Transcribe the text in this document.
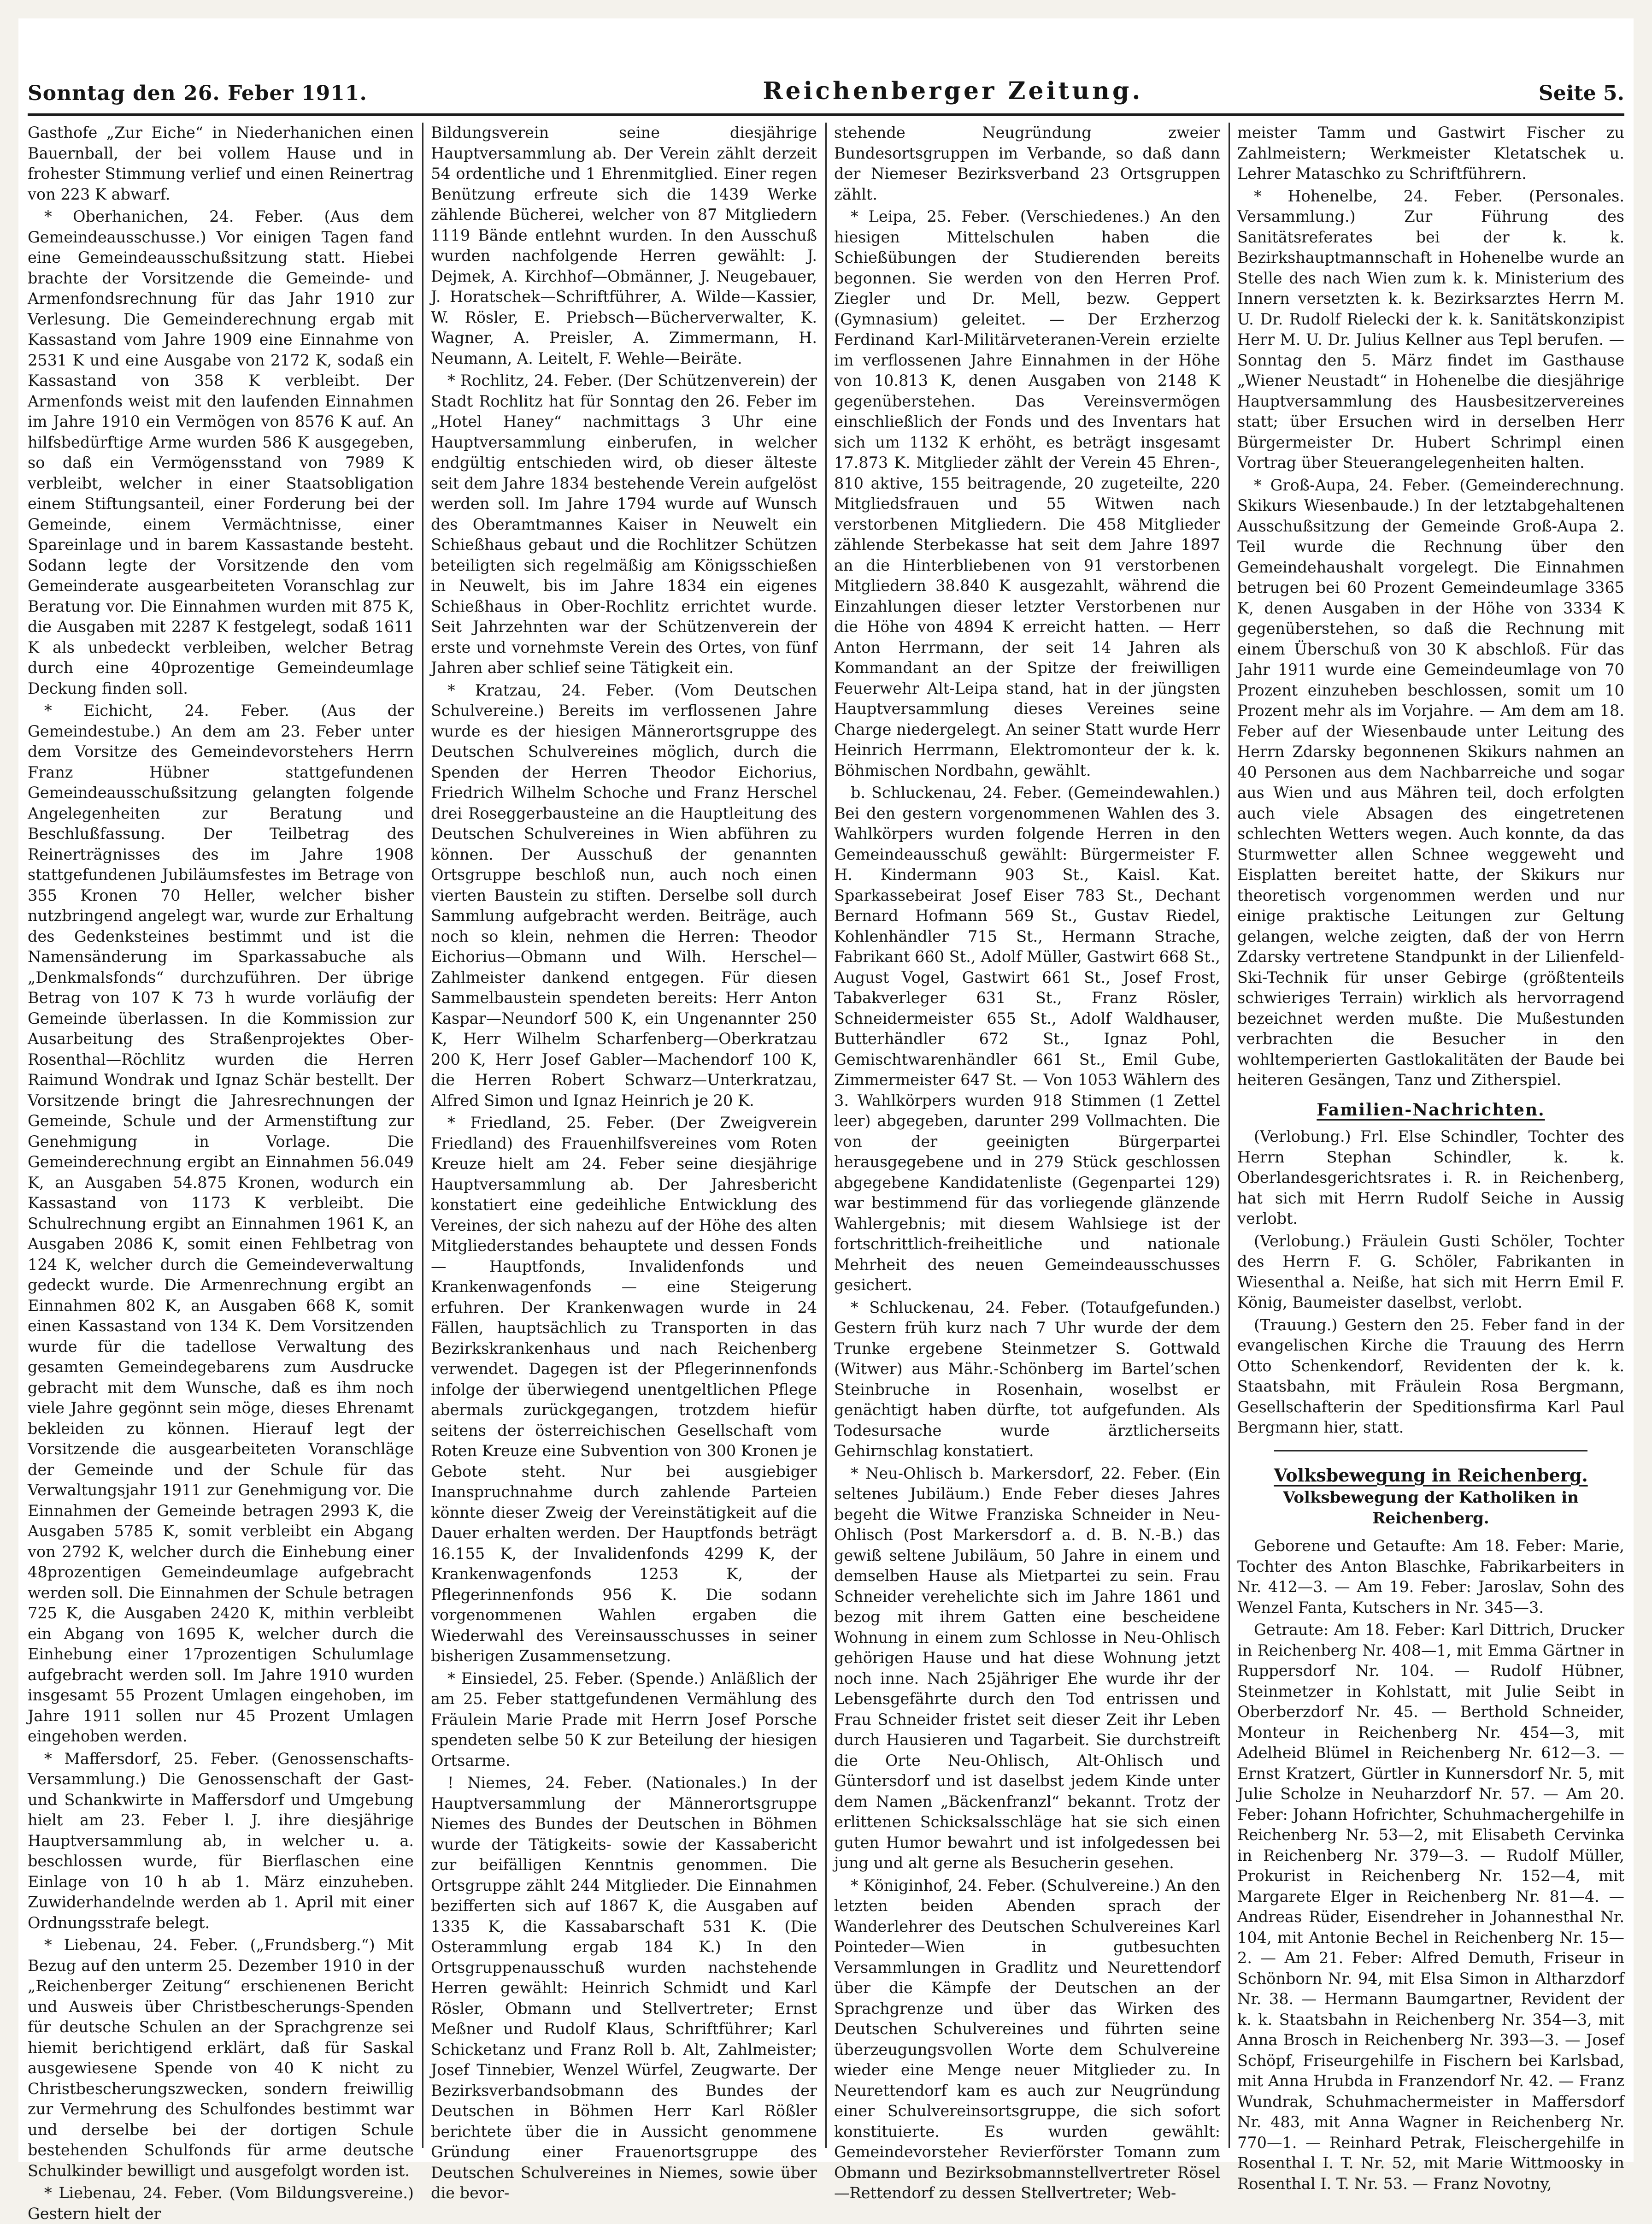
Sonntag den 26. Feber 1911.	Reichenberger Zeitung.	Seite 5.

Gasthofe „Zur Eiche“ in Niederhanichen einen Bauernball, der bei vollem Hause und in frohester Stimmung verlief und einen Reinertrag von 223 K abwarf.

* Oberhanichen, 24. Feber. (Aus dem Gemeindeausschusse.) Vor einigen Tagen fand eine Gemeindeausschußsitzung statt. Hiebei brachte der Vorsitzende die Gemeinde- und Armenfondsrechnung für das Jahr 1910 zur Verlesung. Die Gemeinderechnung ergab mit Kassastand vom Jahre 1909 eine Einnahme von 2531 K und eine Ausgabe von 2172 K, sodaß ein Kassastand von 358 K verbleibt. Der Armenfonds weist mit den laufenden Einnahmen im Jahre 1910 ein Vermögen von 8576 K auf. An hilfsbedürftige Arme wurden 586 K ausgegeben, so daß ein Vermögensstand von 7989 K verbleibt, welcher in einer Staatsobligation einem Stiftungsanteil, einer Forderung bei der Gemeinde, einem Vermächtnisse, einer Spareinlage und in barem Kassastande besteht. Sodann legte der Vorsitzende den vom Gemeinderate ausgearbeiteten Voranschlag zur Beratung vor. Die Einnahmen wurden mit 875 K, die Ausgaben mit 2287 K festgelegt, sodaß 1611 K als unbedeckt verbleiben, welcher Betrag durch eine 40prozentige Gemeindeumlage Deckung finden soll.

* Eichicht, 24. Feber. (Aus der Gemeindestube.) An dem am 23. Feber unter dem Vorsitze des Gemeindevorstehers Herrn Franz Hübner stattgefundenen Gemeindeausschußsitzung gelangten folgende Angelegenheiten zur Beratung und Beschlußfassung. Der Teilbetrag des Reinerträgnisses des im Jahre 1908 stattgefundenen Jubiläumsfestes im Betrage von 355 Kronen 70 Heller, welcher bisher nutzbringend angelegt war, wurde zur Erhaltung des Gedenksteines bestimmt und ist die Namensänderung im Sparkassabuche als „Denkmalsfonds“ durchzuführen. Der übrige Betrag von 107 K 73 h wurde vorläufig der Gemeinde überlassen. In die Kommission zur Ausarbeitung des Straßenprojektes Ober-Rosenthal—Röchlitz wurden die Herren Raimund Wondrak und Ignaz Schär bestellt. Der Vorsitzende bringt die Jahresrechnungen der Gemeinde, Schule und der Armenstiftung zur Genehmigung in Vorlage. Die Gemeinderechnung ergibt an Einnahmen 56.049 K, an Ausgaben 54.875 Kronen, wodurch ein Kassastand von 1173 K verbleibt. Die Schulrechnung ergibt an Einnahmen 1961 K, an Ausgaben 2086 K, somit einen Fehlbetrag von 124 K, welcher durch die Gemeindeverwaltung gedeckt wurde. Die Armenrechnung ergibt an Einnahmen 802 K, an Ausgaben 668 K, somit einen Kassastand von 134 K. Dem Vorsitzenden wurde für die tadellose Verwaltung des gesamten Gemeindegebarens zum Ausdrucke gebracht mit dem Wunsche, daß es ihm noch viele Jahre gegönnt sein möge, dieses Ehrenamt bekleiden zu können. Hierauf legt der Vorsitzende die ausgearbeiteten Voranschläge der Gemeinde und der Schule für das Verwaltungsjahr 1911 zur Genehmigung vor. Die Einnahmen der Gemeinde betragen 2993 K, die Ausgaben 5785 K, somit verbleibt ein Abgang von 2792 K, welcher durch die Einhebung einer 48prozentigen Gemeindeumlage aufgebracht werden soll. Die Einnahmen der Schule betragen 725 K, die Ausgaben 2420 K, mithin verbleibt ein Abgang von 1695 K, welcher durch die Einhebung einer 17prozentigen Schulumlage aufgebracht werden soll. Im Jahre 1910 wurden insgesamt 55 Prozent Umlagen eingehoben, im Jahre 1911 sollen nur 45 Prozent Umlagen eingehoben werden.

* Maffersdorf, 25. Feber. (Genossenschafts-Versammlung.) Die Genossenschaft der Gast- und Schankwirte in Maffersdorf und Umgebung hielt am 23. Feber l. J. ihre diesjährige Hauptversammlung ab, in welcher u. a. beschlossen wurde, für Bierflaschen eine Einlage von 10 h ab 1. März einzuheben. Zuwiderhandelnde werden ab 1. April mit einer Ordnungsstrafe belegt.

* Liebenau, 24. Feber. („Frundsberg.“) Mit Bezug auf den unterm 25. Dezember 1910 in der „Reichenberger Zeitung“ erschienenen Bericht und Ausweis über Christbescherungs-Spenden für deutsche Schulen an der Sprachgrenze sei hiemit berichtigend erklärt, daß für Saskal ausgewiesene Spende von 40 K nicht zu Christbescherungszwecken, sondern freiwillig zur Vermehrung des Schulfondes bestimmt war und derselbe bei der dortigen Schule bestehenden Schulfonds für arme deutsche Schulkinder bewilligt und ausgefolgt worden ist.

* Liebenau, 24. Feber. (Vom Bildungsvereine.) Gestern hielt der

Bildungsverein seine diesjährige Hauptversammlung ab. Der Verein zählt derzeit 54 ordentliche und 1 Ehrenmitglied. Einer regen Benützung erfreute sich die 1439 Werke zählende Bücherei, welcher von 87 Mitgliedern 1119 Bände entlehnt wurden. In den Ausschuß wurden nachfolgende Herren gewählt: J. Dejmek, A. Kirchhof—Obmänner, J. Neugebauer, J. Horatschek—Schriftführer, A. Wilde—Kassier, W. Rösler, E. Priebsch—Bücherverwalter, K. Wagner, A. Preisler, A. Zimmermann, H. Neumann, A. Leitelt, F. Wehle—Beiräte.

* Rochlitz, 24. Feber. (Der Schützenverein) der Stadt Rochlitz hat für Sonntag den 26. Feber im „Hotel Haney“ nachmittags 3 Uhr eine Hauptversammlung einberufen, in welcher endgültig entschieden wird, ob dieser älteste seit dem Jahre 1834 bestehende Verein aufgelöst werden soll. Im Jahre 1794 wurde auf Wunsch des Oberamtmannes Kaiser in Neuwelt ein Schießhaus gebaut und die Rochlitzer Schützen beteiligten sich regelmäßig am Königsschießen in Neuwelt, bis im Jahre 1834 ein eigenes Schießhaus in Ober-Rochlitz errichtet wurde. Seit Jahrzehnten war der Schützenverein der erste und vornehmste Verein des Ortes, von fünf Jahren aber schlief seine Tätigkeit ein.

* Kratzau, 24. Feber. (Vom Deutschen Schulvereine.) Bereits im verflossenen Jahre wurde es der hiesigen Männerortsgruppe des Deutschen Schulvereines möglich, durch die Spenden der Herren Theodor Eichorius, Friedrich Wilhelm Schoche und Franz Herschel drei Roseggerbausteine an die Hauptleitung des Deutschen Schulvereines in Wien abführen zu können. Der Ausschuß der genannten Ortsgruppe beschloß nun, auch noch einen vierten Baustein zu stiften. Derselbe soll durch Sammlung aufgebracht werden. Beiträge, auch noch so klein, nehmen die Herren: Theodor Eichorius—Obmann und Wilh. Herschel—Zahlmeister dankend entgegen. Für diesen Sammelbaustein spendeten bereits: Herr Anton Kaspar—Neundorf 500 K, ein Ungenannter 250 K, Herr Wilhelm Scharfenberg—Oberkratzau 200 K, Herr Josef Gabler—Machendorf 100 K, die Herren Robert Schwarz—Unterkratzau, Alfred Simon und Ignaz Heinrich je 20 K.

* Friedland, 25. Feber. (Der Zweigverein Friedland) des Frauenhilfsvereines vom Roten Kreuze hielt am 24. Feber seine diesjährige Hauptversammlung ab. Der Jahresbericht konstatiert eine gedeihliche Entwicklung des Vereines, der sich nahezu auf der Höhe des alten Mitgliederstandes behauptete und dessen Fonds — Hauptfonds, Invalidenfonds und Krankenwagenfonds — eine Steigerung erfuhren. Der Krankenwagen wurde in 24 Fällen, hauptsächlich zu Transporten in das Bezirkskrankenhaus und nach Reichenberg verwendet. Dagegen ist der Pflegerinnenfonds infolge der überwiegend unentgeltlichen Pflege abermals zurückgegangen, trotzdem hiefür seitens der österreichischen Gesellschaft vom Roten Kreuze eine Subvention von 300 Kronen je Gebote steht. Nur bei ausgiebiger Inanspruchnahme durch zahlende Parteien könnte dieser Zweig der Vereinstätigkeit auf die Dauer erhalten werden. Der Hauptfonds beträgt 16.155 K, der Invalidenfonds 4299 K, der Krankenwagenfonds 1253 K, der Pflegerinnenfonds 956 K. Die sodann vorgenommenen Wahlen ergaben die Wiederwahl des Vereinsausschusses in seiner bisherigen Zusammensetzung.

* Einsiedel, 25. Feber. (Spende.) Anläßlich der am 25. Feber stattgefundenen Vermählung des Fräulein Marie Prade mit Herrn Josef Porsche spendeten selbe 50 K zur Beteilung der hiesigen Ortsarme.

! Niemes, 24. Feber. (Nationales.) In der Hauptversammlung der Männerortsgruppe Niemes des Bundes der Deutschen in Böhmen wurde der Tätigkeits- sowie der Kassabericht zur beifälligen Kenntnis genommen. Die Ortsgruppe zählt 244 Mitglieder. Die Einnahmen bezifferten sich auf 1867 K, die Ausgaben auf 1335 K, die Kassabarschaft 531 K. (Die Osterammlung ergab 184 K.) In den Ortsgruppenausschuß wurden nachstehende Herren gewählt: Heinrich Schmidt und Karl Rösler, Obmann und Stellvertreter; Ernst Meßner und Rudolf Klaus, Schriftführer; Karl Schicketanz und Franz Roll b. Alt, Zahlmeister; Josef Tinnebier, Wenzel Würfel, Zeugwarte. Der Bezirksverbandsobmann des Bundes der Deutschen in Böhmen Herr Karl Rößler berichtete über die in Aussicht genommene Gründung einer Frauenortsgruppe des Deutschen Schulvereines in Niemes, sowie über die bevor-

stehende Neugründung zweier Bundesortsgruppen im Verbande, so daß dann der Niemeser Bezirksverband 23 Ortsgruppen zählt.

* Leipa, 25. Feber. (Verschiedenes.) An den hiesigen Mittelschulen haben die Schießübungen der Studierenden bereits begonnen. Sie werden von den Herren Prof. Ziegler und Dr. Mell, bezw. Geppert (Gymnasium) geleitet. — Der Erzherzog Ferdinand Karl-Militärveteranen-Verein erzielte im verflossenen Jahre Einnahmen in der Höhe von 10.813 K, denen Ausgaben von 2148 K gegenüberstehen. Das Vereinsvermögen einschließlich der Fonds und des Inventars hat sich um 1132 K erhöht, es beträgt insgesamt 17.873 K. Mitglieder zählt der Verein 45 Ehren-, 810 aktive, 155 beitragende, 20 zugeteilte, 220 Mitgliedsfrauen und 55 Witwen nach verstorbenen Mitgliedern. Die 458 Mitglieder zählende Sterbekasse hat seit dem Jahre 1897 an die Hinterbliebenen von 91 verstorbenen Mitgliedern 38.840 K ausgezahlt, während die Einzahlungen dieser letzter Verstorbenen nur die Höhe von 4894 K erreicht hatten. — Herr Anton Herrmann, der seit 14 Jahren als Kommandant an der Spitze der freiwilligen Feuerwehr Alt-Leipa stand, hat in der jüngsten Hauptversammlung dieses Vereines seine Charge niedergelegt. An seiner Statt wurde Herr Heinrich Herrmann, Elektromonteur der k. k. Böhmischen Nordbahn, gewählt.

b. Schluckenau, 24. Feber. (Gemeindewahlen.) Bei den gestern vorgenommenen Wahlen des 3. Wahlkörpers wurden folgende Herren in den Gemeindeausschuß gewählt: Bürgermeister F. H. Kindermann 903 St., Kaisl. Kat. Sparkassebeirat Josef Eiser 783 St., Dechant Bernard Hofmann 569 St., Gustav Riedel, Kohlenhändler 715 St., Hermann Strache, Fabrikant 660 St., Adolf Müller, Gastwirt 668 St., August Vogel, Gastwirt 661 St., Josef Frost, Tabakverleger 631 St., Franz Rösler, Schneidermeister 655 St., Adolf Waldhauser, Butterhändler 672 St., Ignaz Pohl, Gemischtwarenhändler 661 St., Emil Gube, Zimmermeister 647 St. — Von 1053 Wählern des 3. Wahlkörpers wurden 918 Stimmen (1 Zettel leer) abgegeben, darunter 299 Vollmachten. Die von der geeinigten Bürgerpartei herausgegebene und in 279 Stück geschlossen abgegebene Kandidatenliste (Gegenpartei 129) war bestimmend für das vorliegende glänzende Wahlergebnis; mit diesem Wahlsiege ist der fortschrittlich-freiheitliche und nationale Mehrheit des neuen Gemeindeausschusses gesichert.

* Schluckenau, 24. Feber. (Totaufgefunden.) Gestern früh kurz nach 7 Uhr wurde der dem Trunke ergebene Steinmetzer S. Gottwald (Witwer) aus Mähr.-Schönberg im Bartel’schen Steinbruche in Rosenhain, woselbst er genächtigt haben dürfte, tot aufgefunden. Als Todesursache wurde ärztlicherseits Gehirnschlag konstatiert.

* Neu-Ohlisch b. Markersdorf, 22. Feber. (Ein seltenes Jubiläum.) Ende Feber dieses Jahres begeht die Witwe Franziska Schneider in Neu-Ohlisch (Post Markersdorf a. d. B. N.-B.) das gewiß seltene Jubiläum, 50 Jahre in einem und demselben Hause als Mietpartei zu sein. Frau Schneider verehelichte sich im Jahre 1861 und bezog mit ihrem Gatten eine bescheidene Wohnung in einem zum Schlosse in Neu-Ohlisch gehörigen Hause und hat diese Wohnung jetzt noch inne. Nach 25jähriger Ehe wurde ihr der Lebensgefährte durch den Tod entrissen und Frau Schneider fristet seit dieser Zeit ihr Leben durch Hausieren und Tagarbeit. Sie durchstreift die Orte Neu-Ohlisch, Alt-Ohlisch und Güntersdorf und ist daselbst jedem Kinde unter dem Namen „Bäckenfranzl“ bekannt. Trotz der erlittenen Schicksalsschläge hat sie sich einen guten Humor bewahrt und ist infolgedessen bei jung und alt gerne als Besucherin gesehen.

* Königinhof, 24. Feber. (Schulvereine.) An den letzten beiden Abenden sprach der Wanderlehrer des Deutschen Schulvereines Karl Pointeder—Wien in gutbesuchten Versammlungen in Gradlitz und Neurettendorf über die Kämpfe der Deutschen an der Sprachgrenze und über das Wirken des Deutschen Schulvereines und führten seine überzeugungsvollen Worte dem Schulvereine wieder eine Menge neuer Mitglieder zu. In Neurettendorf kam es auch zur Neugründung einer Schulvereinsortsgruppe, die sich sofort konstituierte. Es wurden gewählt: Gemeindevorsteher Revierförster Tomann zum Obmann und Bezirksobmannstellvertreter Rösel —Rettendorf zu dessen Stellvertreter; Web-

meister Tamm und Gastwirt Fischer zu Zahlmeistern; Werkmeister Kletatschek u. Lehrer Mataschko zu Schriftführern.

* Hohenelbe, 24. Feber. (Personales. Versammlung.) Zur Führung des Sanitätsreferates bei der k. k. Bezirkshauptmannschaft in Hohenelbe wurde an Stelle des nach Wien zum k. k. Ministerium des Innern versetzten k. k. Bezirksarztes Herrn M. U. Dr. Rudolf Rielecki der k. k. Sanitätskonzipist Herr M. U. Dr. Julius Kellner aus Tepl berufen. — Sonntag den 5. März findet im Gasthause „Wiener Neustadt“ in Hohenelbe die diesjährige Hauptversammlung des Hausbesitzervereines statt; über Ersuchen wird in derselben Herr Bürgermeister Dr. Hubert Schrimpl einen Vortrag über Steuerangelegenheiten halten.

* Groß-Aupa, 24. Feber. (Gemeinderechnung. Skikurs Wiesenbaude.) In der letztabgehaltenen Ausschußsitzung der Gemeinde Groß-Aupa 2. Teil wurde die Rechnung über den Gemeindehaushalt vorgelegt. Die Einnahmen betrugen bei 60 Prozent Gemeindeumlage 3365 K, denen Ausgaben in der Höhe von 3334 K gegenüberstehen, so daß die Rechnung mit einem Überschuß von 30 K abschloß. Für das Jahr 1911 wurde eine Gemeindeumlage von 70 Prozent einzuheben beschlossen, somit um 10 Prozent mehr als im Vorjahre. — Am dem am 18. Feber auf der Wiesenbaude unter Leitung des Herrn Zdarsky begonnenen Skikurs nahmen an 40 Personen aus dem Nachbarreiche und sogar aus Wien und aus Mähren teil, doch erfolgten auch viele Absagen des eingetretenen schlechten Wetters wegen. Auch konnte, da das Sturmwetter allen Schnee weggeweht und Eisplatten bereitet hatte, der Skikurs nur theoretisch vorgenommen werden und nur einige praktische Leitungen zur Geltung gelangen, welche zeigten, daß der von Herrn Zdarsky vertretene Standpunkt in der Lilienfeld-Ski-Technik für unser Gebirge (größtenteils schwieriges Terrain) wirklich als hervorragend bezeichnet werden mußte. Die Mußestunden verbrachten die Besucher in den wohltemperierten Gastlokalitäten der Baude bei heiteren Gesängen, Tanz und Zitherspiel.

Familien-Nachrichten.

(Verlobung.) Frl. Else Schindler, Tochter des Herrn Stephan Schindler, k. k. Oberlandesgerichtsrates i. R. in Reichenberg, hat sich mit Herrn Rudolf Seiche in Aussig verlobt.

(Verlobung.) Fräulein Gusti Schöler, Tochter des Herrn F. G. Schöler, Fabrikanten in Wiesenthal a. Neiße, hat sich mit Herrn Emil F. König, Baumeister daselbst, verlobt.

(Trauung.) Gestern den 25. Feber fand in der evangelischen Kirche die Trauung des Herrn Otto Schenkendorf, Revidenten der k. k. Staatsbahn, mit Fräulein Rosa Bergmann, Gesellschafterin der Speditionsfirma Karl Paul Bergmann hier, statt.

Volksbewegung in Reichenberg.
Volksbewegung der Katholiken in Reichenberg.

Geborene und Getaufte: Am 18. Feber: Marie, Tochter des Anton Blaschke, Fabrikarbeiters in Nr. 412—3. — Am 19. Feber: Jaroslav, Sohn des Wenzel Fanta, Kutschers in Nr. 345—3.

Getraute: Am 18. Feber: Karl Dittrich, Drucker in Reichenberg Nr. 408—1, mit Emma Gärtner in Ruppersdorf Nr. 104. — Rudolf Hübner, Steinmetzer in Kohlstatt, mit Julie Seibt in Oberberzdorf Nr. 45. — Berthold Schneider, Monteur in Reichenberg Nr. 454—3, mit Adelheid Blümel in Reichenberg Nr. 612—3. — Ernst Kratzert, Gürtler in Kunnersdorf Nr. 5, mit Julie Scholze in Neuharzdorf Nr. 57. — Am 20. Feber: Johann Hofrichter, Schuhmachergehilfe in Reichenberg Nr. 53—2, mit Elisabeth Cervinka in Reichenberg Nr. 379—3. — Rudolf Müller, Prokurist in Reichenberg Nr. 152—4, mit Margarete Elger in Reichenberg Nr. 81—4. — Andreas Rüder, Eisendreher in Johannesthal Nr. 104, mit Antonie Bechel in Reichenberg Nr. 15—2. — Am 21. Feber: Alfred Demuth, Friseur in Schönborn Nr. 94, mit Elsa Simon in Altharzdorf Nr. 38. — Hermann Baumgartner, Revident der k. k. Staatsbahn in Reichenberg Nr. 354—3, mit Anna Brosch in Reichenberg Nr. 393—3. — Josef Schöpf, Friseurgehilfe in Fischern bei Karlsbad, mit Anna Hrubda in Franzendorf Nr. 42. — Franz Wundrak, Schuhmachermeister in Maffersdorf Nr. 483, mit Anna Wagner in Reichenberg Nr. 770—1. — Reinhard Petrak, Fleischergehilfe in Rosenthal I. T. Nr. 52, mit Marie Wittmoosky in Rosenthal I. T. Nr. 53. — Franz Novotny,
